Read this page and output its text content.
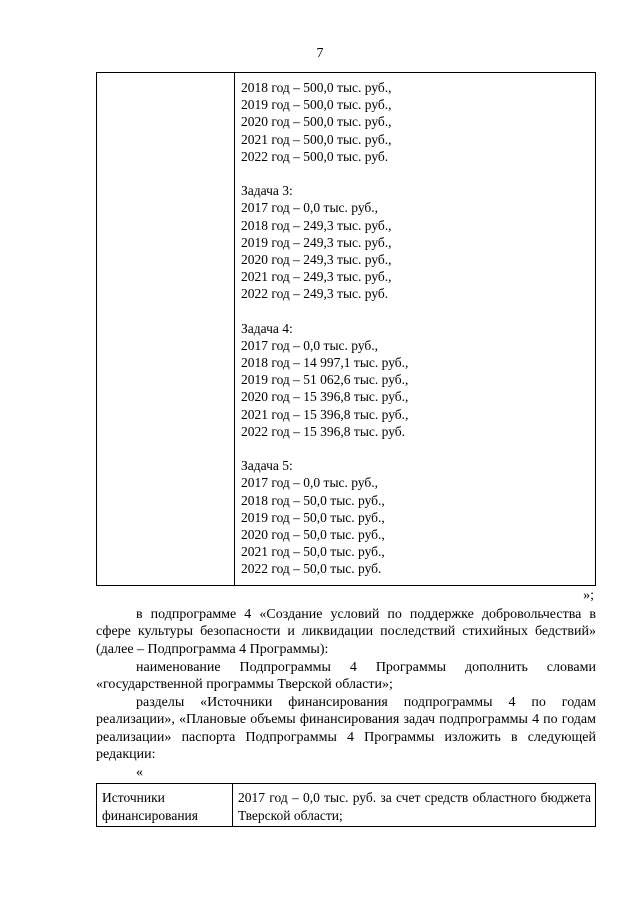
7
2018 год – 500,0 тыс. руб.,
2019 год – 500,0 тыс. руб.,
2020 год – 500,0 тыс. руб.,
2021 год – 500,0 тыс. руб.,
2022 год – 500,0 тыс. руб.
Задача 3:
2017 год – 0,0 тыс. руб.,
2018 год – 249,3 тыс. руб.,
2019 год – 249,3 тыс. руб.,
2020 год – 249,3 тыс. руб.,
2021 год – 249,3 тыс. руб.,
2022 год – 249,3 тыс. руб.
Задача 4:
2017 год – 0,0 тыс. руб.,
2018 год – 14 997,1 тыс. руб.,
2019 год – 51 062,6 тыс. руб.,
2020 год – 15 396,8 тыс. руб.,
2021 год – 15 396,8 тыс. руб.,
2022 год – 15 396,8 тыс. руб.
Задача 5:
2017 год – 0,0 тыс. руб.,
2018 год – 50,0 тыс. руб.,
2019 год – 50,0 тыс. руб.,
2020 год – 50,0 тыс. руб.,
2021 год – 50,0 тыс. руб.,
2022 год – 50,0 тыс. руб.
»;
в подпрограмме 4 «Создание условий по поддержке добровольчества в сфере культуры безопасности и ликвидации последствий стихийных бедствий» (далее – Подпрограмма 4 Программы):
наименование Подпрограммы 4 Программы дополнить словами «государственной программы Тверской области»;
разделы «Источники финансирования подпрограммы 4 по годам реализации», «Плановые объемы финансирования задач подпрограммы 4 по годам реализации» паспорта Подпрограммы 4 Программы изложить в следующей редакции:
«
Источники финансирования
2017 год – 0,0 тыс. руб. за счет средств областного бюджета Тверской области;
